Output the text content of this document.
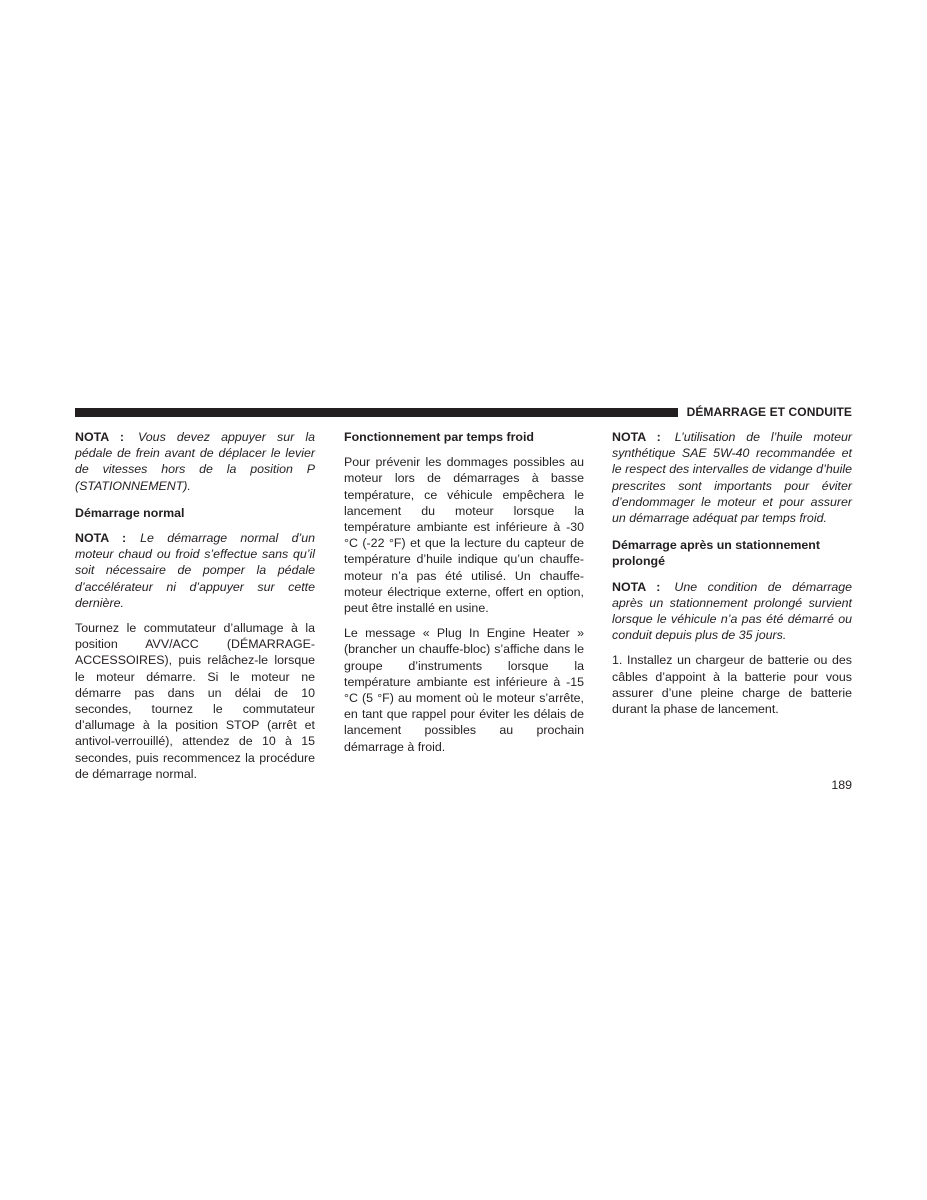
DÉMARRAGE ET CONDUITE

NOTA : Vous devez appuyer sur la pédale de frein avant de déplacer le levier de vitesses hors de la position P (STATIONNEMENT).

Démarrage normal

NOTA : Le démarrage normal d’un moteur chaud ou froid s’effectue sans qu’il soit nécessaire de pomper la pédale d’accélérateur ni d’appuyer sur cette dernière.

Tournez le commutateur d’allumage à la position AVV/ACC (DÉMARRAGE-ACCESSOIRES), puis relâchez-le lorsque le moteur démarre. Si le moteur ne démarre pas dans un délai de 10 secondes, tournez le commutateur d’allumage à la position STOP (arrêt et antivol-verrouillé), attendez de 10 à 15 secondes, puis recommencez la procédure de démarrage normal.

Fonctionnement par temps froid

Pour prévenir les dommages possibles au moteur lors de démarrages à basse température, ce véhicule empêchera le lancement du moteur lorsque la température ambiante est inférieure à -30 °C (-22 °F) et que la lecture du capteur de température d’huile indique qu’un chauffe-moteur n’a pas été utilisé. Un chauffe-moteur électrique externe, offert en option, peut être installé en usine.

Le message « Plug In Engine Heater » (brancher un chauffe-bloc) s’affiche dans le groupe d’instruments lorsque la température ambiante est inférieure à -15 °C (5 °F) au moment où le moteur s’arrête, en tant que rappel pour éviter les délais de lancement possibles au prochain démarrage à froid.

NOTA : L’utilisation de l’huile moteur synthétique SAE 5W-40 recommandée et le respect des intervalles de vidange d’huile prescrites sont importants pour éviter d’endommager le moteur et pour assurer un démarrage adéquat par temps froid.

Démarrage après un stationnement prolongé

NOTA : Une condition de démarrage après un stationnement prolongé survient lorsque le véhicule n’a pas été démarré ou conduit depuis plus de 35 jours.

1. Installez un chargeur de batterie ou des câbles d’appoint à la batterie pour vous assurer d’une pleine charge de batterie durant la phase de lancement.

189
